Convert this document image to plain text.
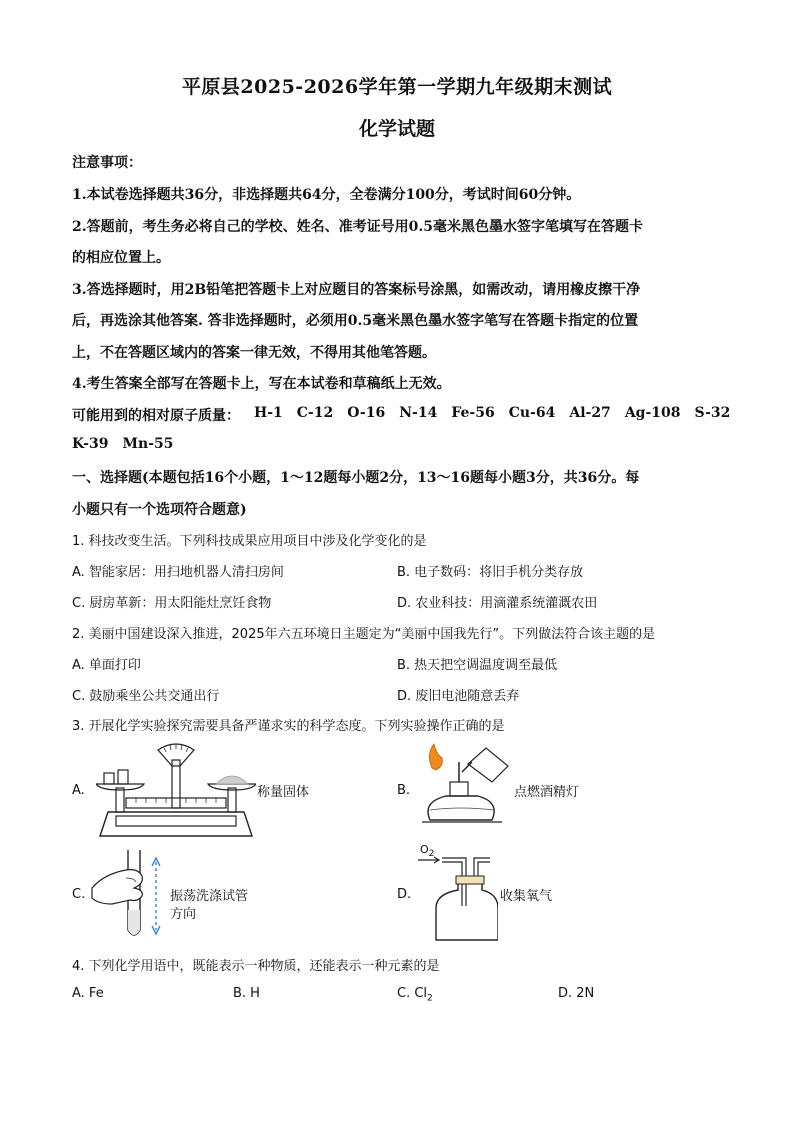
平原县2025-2026学年第一学期九年级期末测试
化学试题
注意事项：
1.本试卷选择题共36分，非选择题共64分，全卷满分100分，考试时间60分钟。
2.答题前，考生务必将自己的学校、姓名、准考证号用0.5毫米黑色墨水签字笔填写在答题卡
的相应位置上。
3.答选择题时，用2B铅笔把答题卡上对应题目的答案标号涂黑，如需改动，请用橡皮擦干净
后，再选涂其他答案. 答非选择题时，必须用0.5毫米黑色墨水签字笔写在答题卡指定的位置
上，不在答题区域内的答案一律无效，不得用其他笔答题。
4.考生答案全部写在答题卡上，写在本试卷和草稿纸上无效。
可能用到的相对原子质量： H-1 C-12 O-16 N-14 Fe-56 Cu-64 Al-27 Ag-108 S-32
K-39 Mn-55
一、选择题(本题包括16个小题，1～12题每小题2分，13～16题每小题3分，共36分。每
小题只有一个选项符合题意)
1. 科技改变生活。下列科技成果应用项目中涉及化学变化的是
A. 智能家居：用扫地机器人清扫房间	B. 电子数码：将旧手机分类存放
C. 厨房革新：用太阳能灶烹饪食物	D. 农业科技：用滴灌系统灌溉农田
2. 美丽中国建设深入推进，2025年六五环境日主题定为“美丽中国我先行”。下列做法符合该主题的是
A. 单面打印	B. 热天把空调温度调至最低
C. 鼓励乘坐公共交通出行	D. 废旧电池随意丢弃
3. 开展化学实验探究需要具备严谨求实的科学态度。下列实验操作正确的是
A.	称量固体	B.	点燃酒精灯
C.	振荡洗涤试管
方向
D.
$O_2$
收集氧气
4. 下列化学用语中，既能表示一种物质，还能表示一种元素的是
A. Fe	B. H	C. $Cl_2$	D. 2N
